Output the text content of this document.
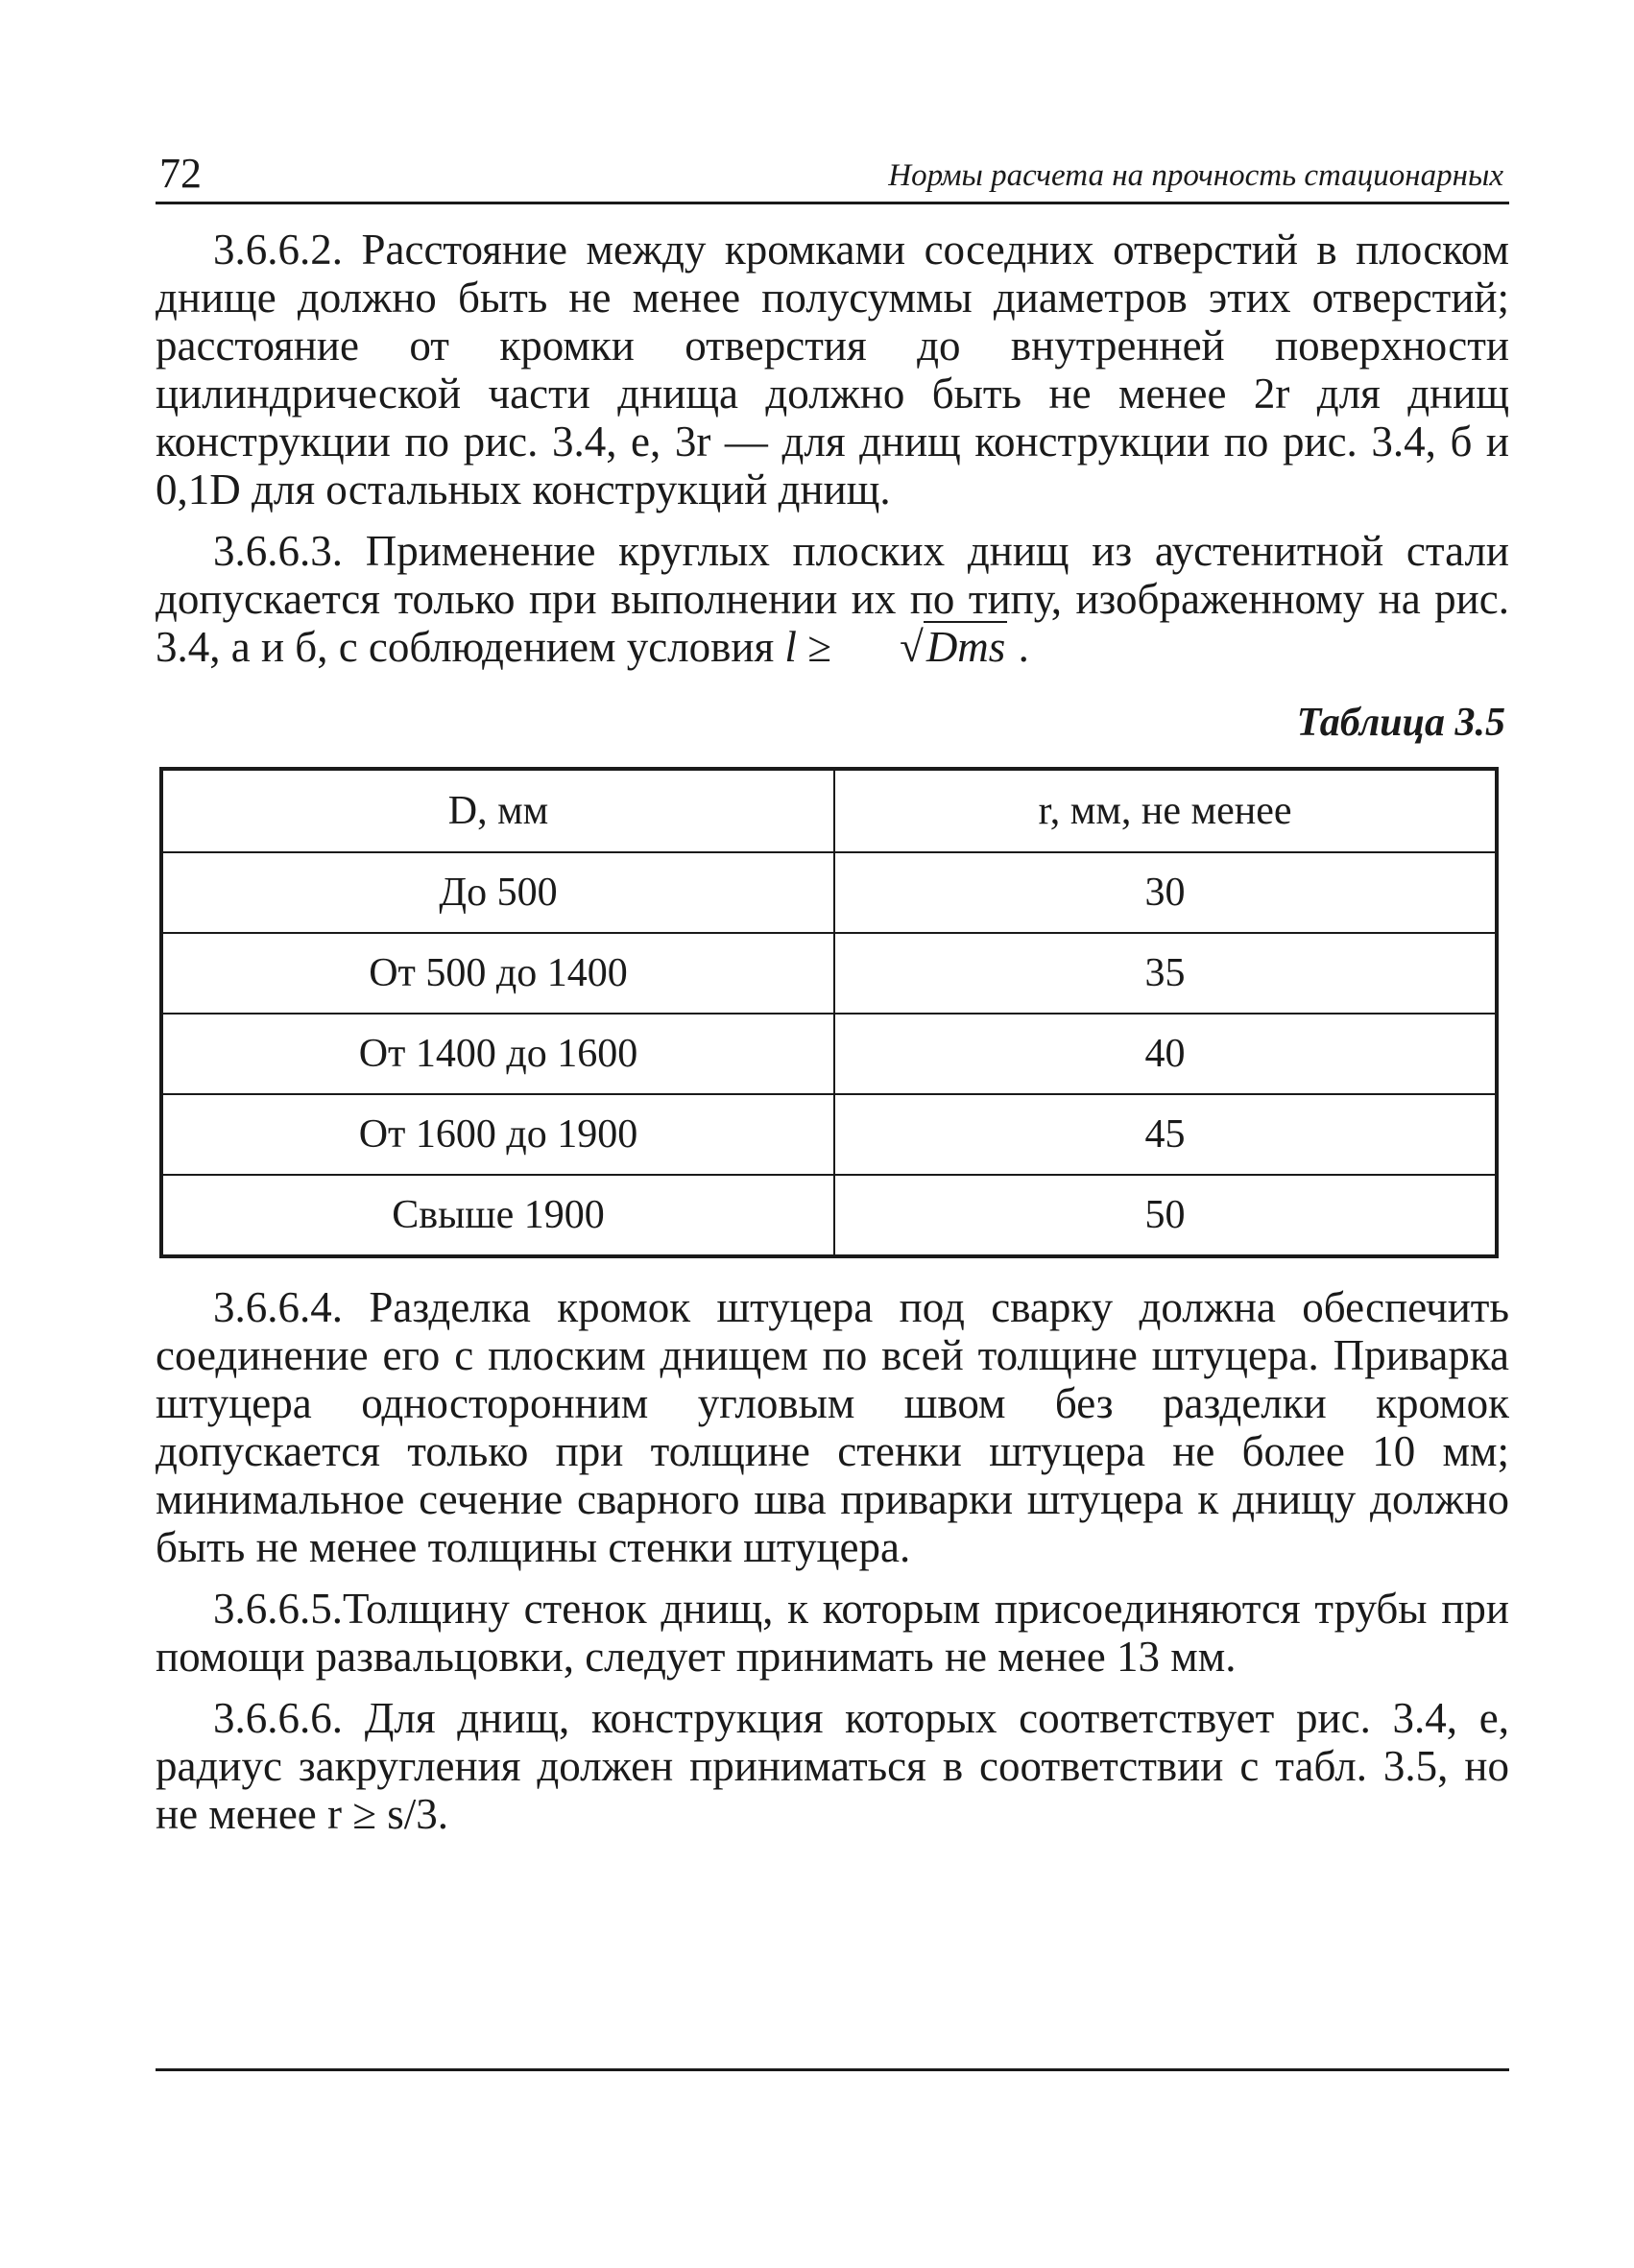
72	Нормы расчета на прочность стационарных

3.6.6.2. Расстояние между кромками соседних отверстий в плоском днище должно быть не менее полусуммы диаметров этих отверстий; расстояние от кромки отверстия до внутренней поверхности цилиндрической части днища должно быть не менее 2r для днищ конструкции по рис. 3.4, е, 3r — для днищ конструкции по рис. 3.4, б и 0,1D для остальных конструкций днищ.

3.6.6.3. Применение круглых плоских днищ из аустенитной стали допускается только при выполнении их по типу, изображенному на рис. 3.4, а и б, с соблюдением условия l ≥ √Dms .

Таблица 3.5
D, мм	r, мм, не менее
До 500	30
От 500 до 1400	35
От 1400 до 1600	40
От 1600 до 1900	45
Свыше 1900	50

3.6.6.4. Разделка кромок штуцера под сварку должна обеспечить соединение его с плоским днищем по всей толщине штуцера. Приварка штуцера односторонним угловым швом без разделки кромок допускается только при толщине стенки штуцера не более 10 мм; минимальное сечение сварного шва приварки штуцера к днищу должно быть не менее толщины стенки штуцера.

3.6.6.5.Толщину стенок днищ, к которым присоединяются трубы при помощи развальцовки, следует принимать не менее 13 мм.

3.6.6.6. Для днищ, конструкция которых соответствует рис. 3.4, е, радиус закругления должен приниматься в соответствии с табл. 3.5, но не менее r ≥ s/3.
